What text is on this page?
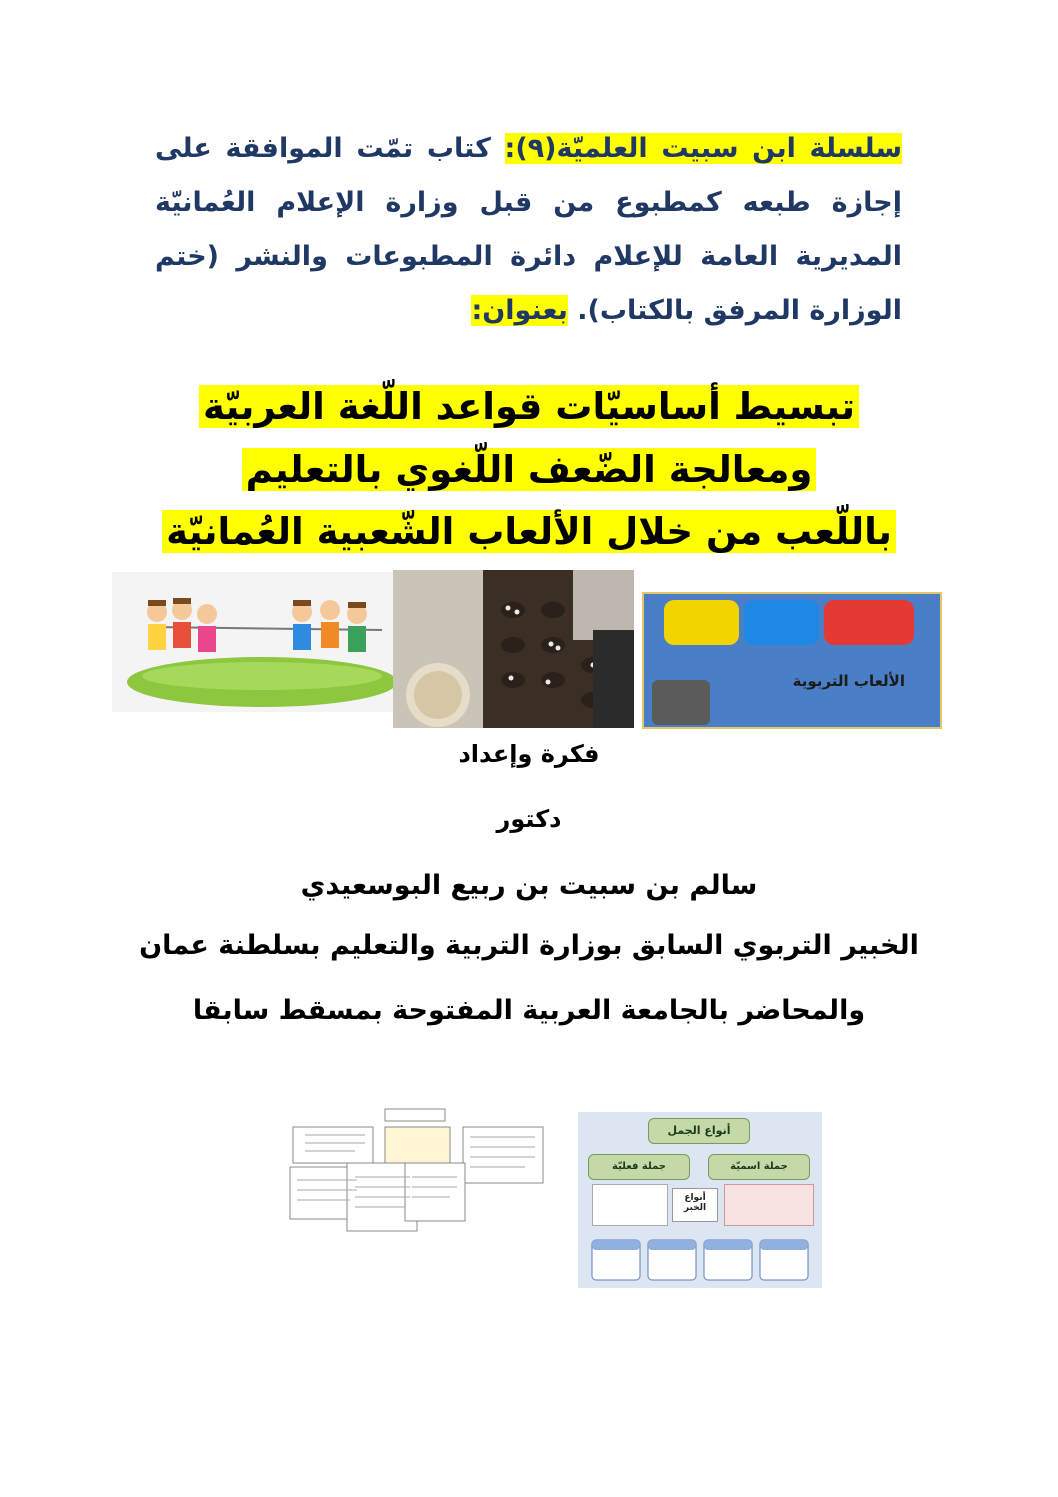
سلسلة ابن سبيت العلميّة(٩): كتاب تمّت الموافقة على إجازة طبعه كمطبوع من قبل وزارة الإعلام العُمانيّة المديرية العامة للإعلام دائرة المطبوعات والنشر (ختم الوزارة المرفق بالكتاب). بعنوان:
تبسيط أساسيّات قواعد اللّغة العربيّة
ومعالجة الضّعف اللّغوي بالتعليم
باللّعب من خلال الألعاب الشّعبية العُمانيّة
الألعاب التربوية
فكرة وإعداد
دكتور
سالم بن سبيت بن ربيع البوسعيدي
الخبير التربوي السابق بوزارة التربية والتعليم بسلطنة عمان
والمحاضر بالجامعة العربية المفتوحة بمسقط سابقا
أنواع الجمل
جملة فعليّة	جملة اسميّة
أنواع الخبر
